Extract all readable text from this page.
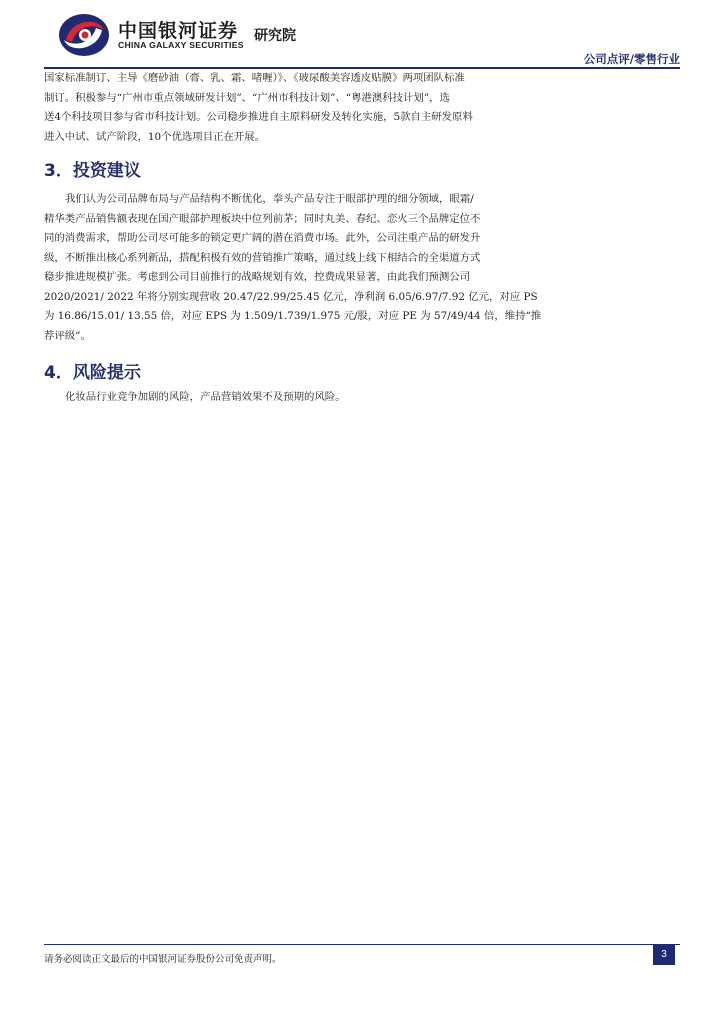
中国银河证券
CHINA GALAXY SECURITIES
研究院
公司点评/零售行业
国家标准制订、主导《磨砂油（膏、乳、霜、啫喱）》、《玻尿酸美容透皮贴膜》两项团队标准
制订。积极参与“广州市重点领域研发计划”、“广州市科技计划”、“粤港澳科技计划”，选
送4个科技项目参与省市科技计划。公司稳步推进自主原料研发及转化实施，5款自主研发原料
进入中试、试产阶段，10个优选项目正在开展。
3．投资建议
我们认为公司品牌布局与产品结构不断优化，拳头产品专注于眼部护理的细分领域，眼霜/
精华类产品销售额表现在国产眼部护理板块中位列前茅；同时丸美、春纪、恋火三个品牌定位不
同的消费需求，帮助公司尽可能多的锁定更广阔的潜在消费市场。此外，公司注重产品的研发升
级，不断推出核心系列新品，搭配积极有效的营销推广策略，通过线上线下相结合的全渠道方式
稳步推进规模扩张。考虑到公司目前推行的战略规划有效，控费成果显著，由此我们预测公司
2020/2021/ 2022 年将分别实现营收 20.47/22.99/25.45 亿元，净利润 6.05/6.97/7.92 亿元，对应 PS
为 16.86/15.01/ 13.55 倍，对应 EPS 为 1.509/1.739/1.975 元/股，对应 PE 为 57/49/44 倍，维持“推
荐评级”。
4．风险提示
化妆品行业竞争加剧的风险，产品营销效果不及预期的风险。
请务必阅读正文最后的中国银河证券股份公司免责声明。	3
